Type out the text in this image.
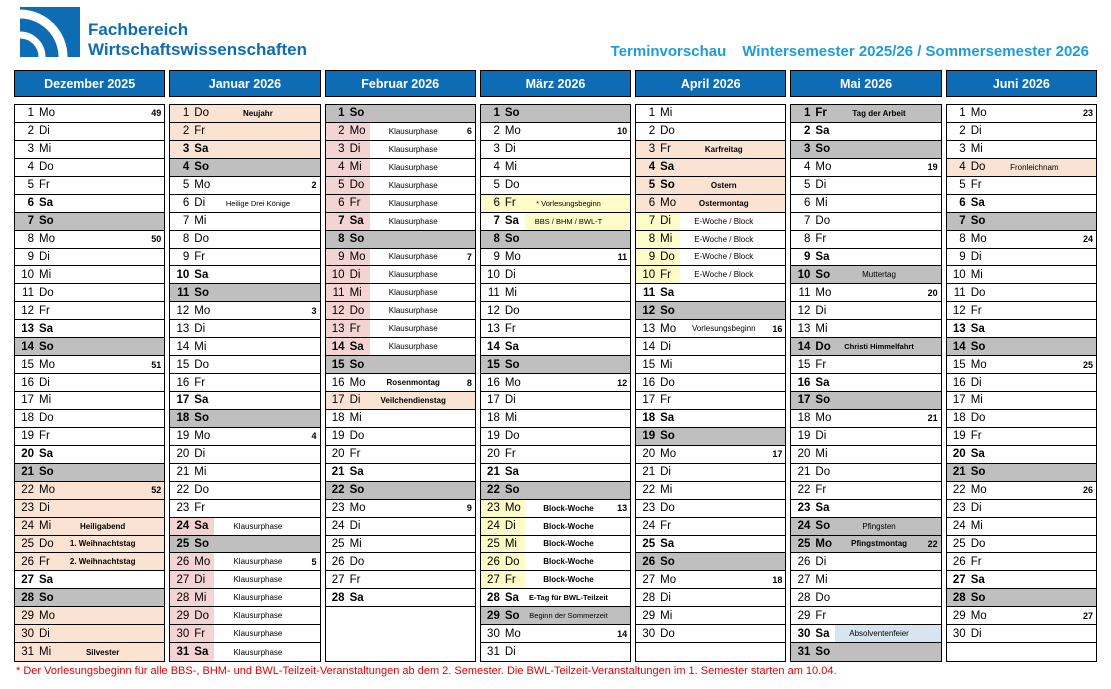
Fachbereich
Wirtschaftswissenschaften	Terminvorschau Wintersemester 2025/26 / Sommersemester 2026
Dezember 2025
1 Mo	49
2 Di
3 Mi
4 Do
5 Fr
6 Sa
7 So
8 Mo	50
9 Di
10 Mi
11 Do
12 Fr
13 Sa
14 So
15 Mo	51
16 Di
17 Mi
18 Do
19 Fr
20 Sa
21 So
22 Mo	52
23 Di
24 Mi	Heiligabend
25 Do	1. Weihnachtstag
26 Fr	2. Weihnachtstag
27 Sa
28 So
29 Mo
30 Di
31 Mi	Silvester
Januar 2026
1 Do	Neujahr
2 Fr
3 Sa
4 So
5 Mo	2
6 Di	Heilige Drei Könige
7 Mi
8 Do
9 Fr
10 Sa
11 So
12 Mo	3
13 Di
14 Mi
15 Do
16 Fr
17 Sa
18 So
19 Mo	4
20 Di
21 Mi
22 Do
23 Fr
24 Sa	Klausurphase
25 So
26 Mo	Klausurphase	5
27 Di	Klausurphase
28 Mi	Klausurphase
29 Do	Klausurphase
30 Fr	Klausurphase
31 Sa	Klausurphase
Februar 2026
1 So
2 Mo	Klausurphase	6
3 Di	Klausurphase
4 Mi	Klausurphase
5 Do	Klausurphase
6 Fr	Klausurphase
7 Sa	Klausurphase
8 So
9 Mo	Klausurphase	7
10 Di	Klausurphase
11 Mi	Klausurphase
12 Do	Klausurphase
13 Fr	Klausurphase
14 Sa	Klausurphase
15 So
16 Mo	Rosenmontag	8
17 Di	Veilchendienstag
18 Mi
19 Do
20 Fr
21 Sa
22 So
23 Mo	9
24 Di
25 Mi
26 Do
27 Fr
28 Sa
März 2026
1 So
2 Mo	10
3 Di
4 Mi
5 Do
6 Fr	* Vorlesungsbeginn
7 Sa	BBS / BHM / BWL-T
8 So
9 Mo	11
10 Di
11 Mi
12 Do
13 Fr
14 Sa
15 So
16 Mo	12
17 Di
18 Mi
19 Do
20 Fr
21 Sa
22 So
23 Mo	Block-Woche	13
24 Di	Block-Woche
25 Mi	Block-Woche
26 Do	Block-Woche
27 Fr	Block-Woche
28 Sa	E-Tag für BWL-Teilzeit
29 So	Beginn der Sommerzeit
30 Mo	14
31 Di
April 2026
1 Mi
2 Do
3 Fr	Karfreitag
4 Sa
5 So	Ostern
6 Mo	Ostermontag
7 Di	E-Woche / Block
8 Mi	E-Woche / Block
9 Do	E-Woche / Block
10 Fr	E-Woche / Block
11 Sa
12 So
13 Mo	Vorlesungsbeginn	16
14 Di
15 Mi
16 Do
17 Fr
18 Sa
19 So
20 Mo	17
21 Di
22 Mi
23 Do
24 Fr
25 Sa
26 So
27 Mo	18
28 Di
29 Mi
30 Do
Mai 2026
1 Fr	Tag der Arbeit
2 Sa
3 So
4 Mo	19
5 Di
6 Mi
7 Do
8 Fr
9 Sa
10 So	Muttertag
11 Mo	20
12 Di
13 Mi
14 Do	Christi Himmelfahrt
15 Fr
16 Sa
17 So
18 Mo	21
19 Di
20 Mi
21 Do
22 Fr
23 Sa
24 So	Pfingsten
25 Mo	Pfingstmontag	22
26 Di
27 Mi
28 Do
29 Fr
30 Sa	Absolventenfeier
31 So
Juni 2026
1 Mo	23
2 Di
3 Mi
4 Do	Fronleichnam
5 Fr
6 Sa
7 So
8 Mo	24
9 Di
10 Mi
11 Do
12 Fr
13 Sa
14 So
15 Mo	25
16 Di
17 Mi
18 Do
19 Fr
20 Sa
21 So
22 Mo	26
23 Di
24 Mi
25 Do
26 Fr
27 Sa
28 So
29 Mo	27
30 Di
* Der Vorlesungsbeginn für alle BBS-, BHM- und BWL-Teilzeit-Veranstaltungen ab dem 2. Semester. Die BWL-Teilzeit-Veranstaltungen im 1. Semester starten am 10.04.
